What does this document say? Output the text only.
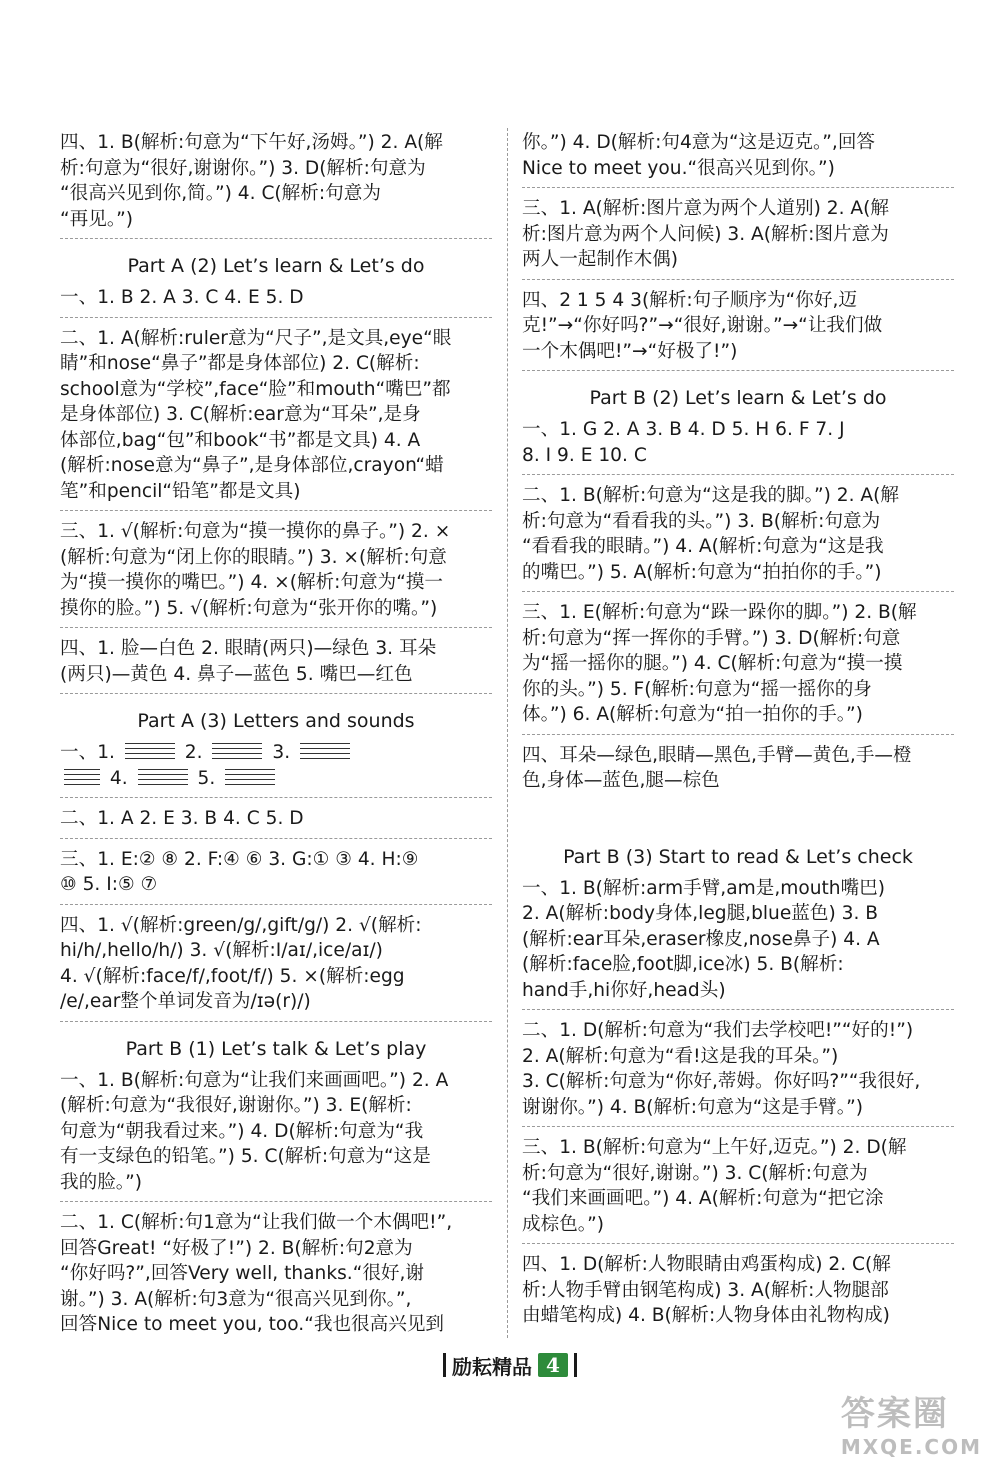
四、1. B(解析:句意为“下午好,汤姆。”) 2. A(解

析:句意为“很好,谢谢你。”) 3. D(解析:句意为

“很高兴见到你,简。”) 4. C(解析:句意为

“再见。”)

Part A (2) Let’s learn & Let’s do

一、1. B 2. A 3. C 4. E 5. D

二、1. A(解析:ruler意为“尺子”,是文具,eye“眼

睛”和nose“鼻子”都是身体部位) 2. C(解析:

school意为“学校”,face“脸”和mouth“嘴巴”都

是身体部位) 3. C(解析:ear意为“耳朵”,是身

体部位,bag“包”和book“书”都是文具) 4. A

(解析:nose意为“鼻子”,是身体部位,crayon“蜡

笔”和pencil“铅笔”都是文具)

三、1. √(解析:句意为“摸一摸你的鼻子。”) 2. ×

(解析:句意为“闭上你的眼睛。”) 3. ×(解析:句意

为“摸一摸你的嘴巴。”) 4. ×(解析:句意为“摸一

摸你的脸。”) 5. √(解析:句意为“张开你的嘴。”)

四、1. 脸—白色 2. 眼睛(两只)—绿色 3. 耳朵

(两只)—黄色 4. 鼻子—蓝色 5. 嘴巴—红色

Part A (3) Letters and sounds

一、1.	2.	3.

4.	5.

二、1. A 2. E 3. B 4. C 5. D

三、1. E:② ⑧ 2. F:④ ⑥ 3. G:① ③ 4. H:⑨

⑩ 5. I:⑤ ⑦

四、1. √(解析:green/g/,gift/g/) 2. √(解析:

hi/h/,hello/h/) 3. √(解析:I/aɪ/,ice/aɪ/)

4. √(解析:face/f/,foot/f/) 5. ×(解析:egg

/e/,ear整个单词发音为/ɪə(r)/)

Part B (1) Let’s talk & Let’s play

一、1. B(解析:句意为“让我们来画画吧。”) 2. A

(解析:句意为“我很好,谢谢你。”) 3. E(解析:

句意为“朝我看过来。”) 4. D(解析:句意为“我

有一支绿色的铅笔。”) 5. C(解析:句意为“这是

我的脸。”)

二、1. C(解析:句1意为“让我们做一个木偶吧!”,

回答Great! “好极了!”) 2. B(解析:句2意为

“你好吗?”,回答Very well, thanks.“很好,谢

谢。”) 3. A(解析:句3意为“很高兴见到你。”,

回答Nice to meet you, too.“我也很高兴见到

你。”) 4. D(解析:句4意为“这是迈克。”,回答

Nice to meet you.“很高兴见到你。”)

三、1. A(解析:图片意为两个人道别) 2. A(解

析:图片意为两个人问候) 3. A(解析:图片意为

两人一起制作木偶)

四、2 1 5 4 3(解析:句子顺序为“你好,迈

克!”→“你好吗?”→“很好,谢谢。”→“让我们做

一个木偶吧!”→“好极了!”)

Part B (2) Let’s learn & Let’s do

一、1. G 2. A 3. B 4. D 5. H 6. F 7. J

8. I 9. E 10. C

二、1. B(解析:句意为“这是我的脚。”) 2. A(解

析:句意为“看看我的头。”) 3. B(解析:句意为

“看看我的眼睛。”) 4. A(解析:句意为“这是我

的嘴巴。”) 5. A(解析:句意为“拍拍你的手。”)

三、1. E(解析:句意为“跺一跺你的脚。”) 2. B(解

析:句意为“挥一挥你的手臂。”) 3. D(解析:句意

为“摇一摇你的腿。”) 4. C(解析:句意为“摸一摸

你的头。”) 5. F(解析:句意为“摇一摇你的身

体。”) 6. A(解析:句意为“拍一拍你的手。”)

四、耳朵—绿色,眼睛—黑色,手臂—黄色,手—橙

色,身体—蓝色,腿—棕色

Part B (3) Start to read & Let’s check

一、1. B(解析:arm手臂,am是,mouth嘴巴)

2. A(解析:body身体,leg腿,blue蓝色) 3. B

(解析:ear耳朵,eraser橡皮,nose鼻子) 4. A

(解析:face脸,foot脚,ice冰) 5. B(解析:

hand手,hi你好,head头)

二、1. D(解析:句意为“我们去学校吧!”“好的!”)

2. A(解析:句意为“看!这是我的耳朵。”)

3. C(解析:句意为“你好,蒂姆。你好吗?”“我很好,

谢谢你。”) 4. B(解析:句意为“这是手臂。”)

三、1. B(解析:句意为“上午好,迈克。”) 2. D(解

析:句意为“很好,谢谢。”) 3. C(解析:句意为

“我们来画画吧。”) 4. A(解析:句意为“把它涂

成棕色。”)

四、1. D(解析:人物眼睛由鸡蛋构成) 2. C(解

析:人物手臂由钢笔构成) 3. A(解析:人物腿部

由蜡笔构成) 4. B(解析:人物身体由礼物构成)

励耘精品 4
答案圈
MXQE.COM
